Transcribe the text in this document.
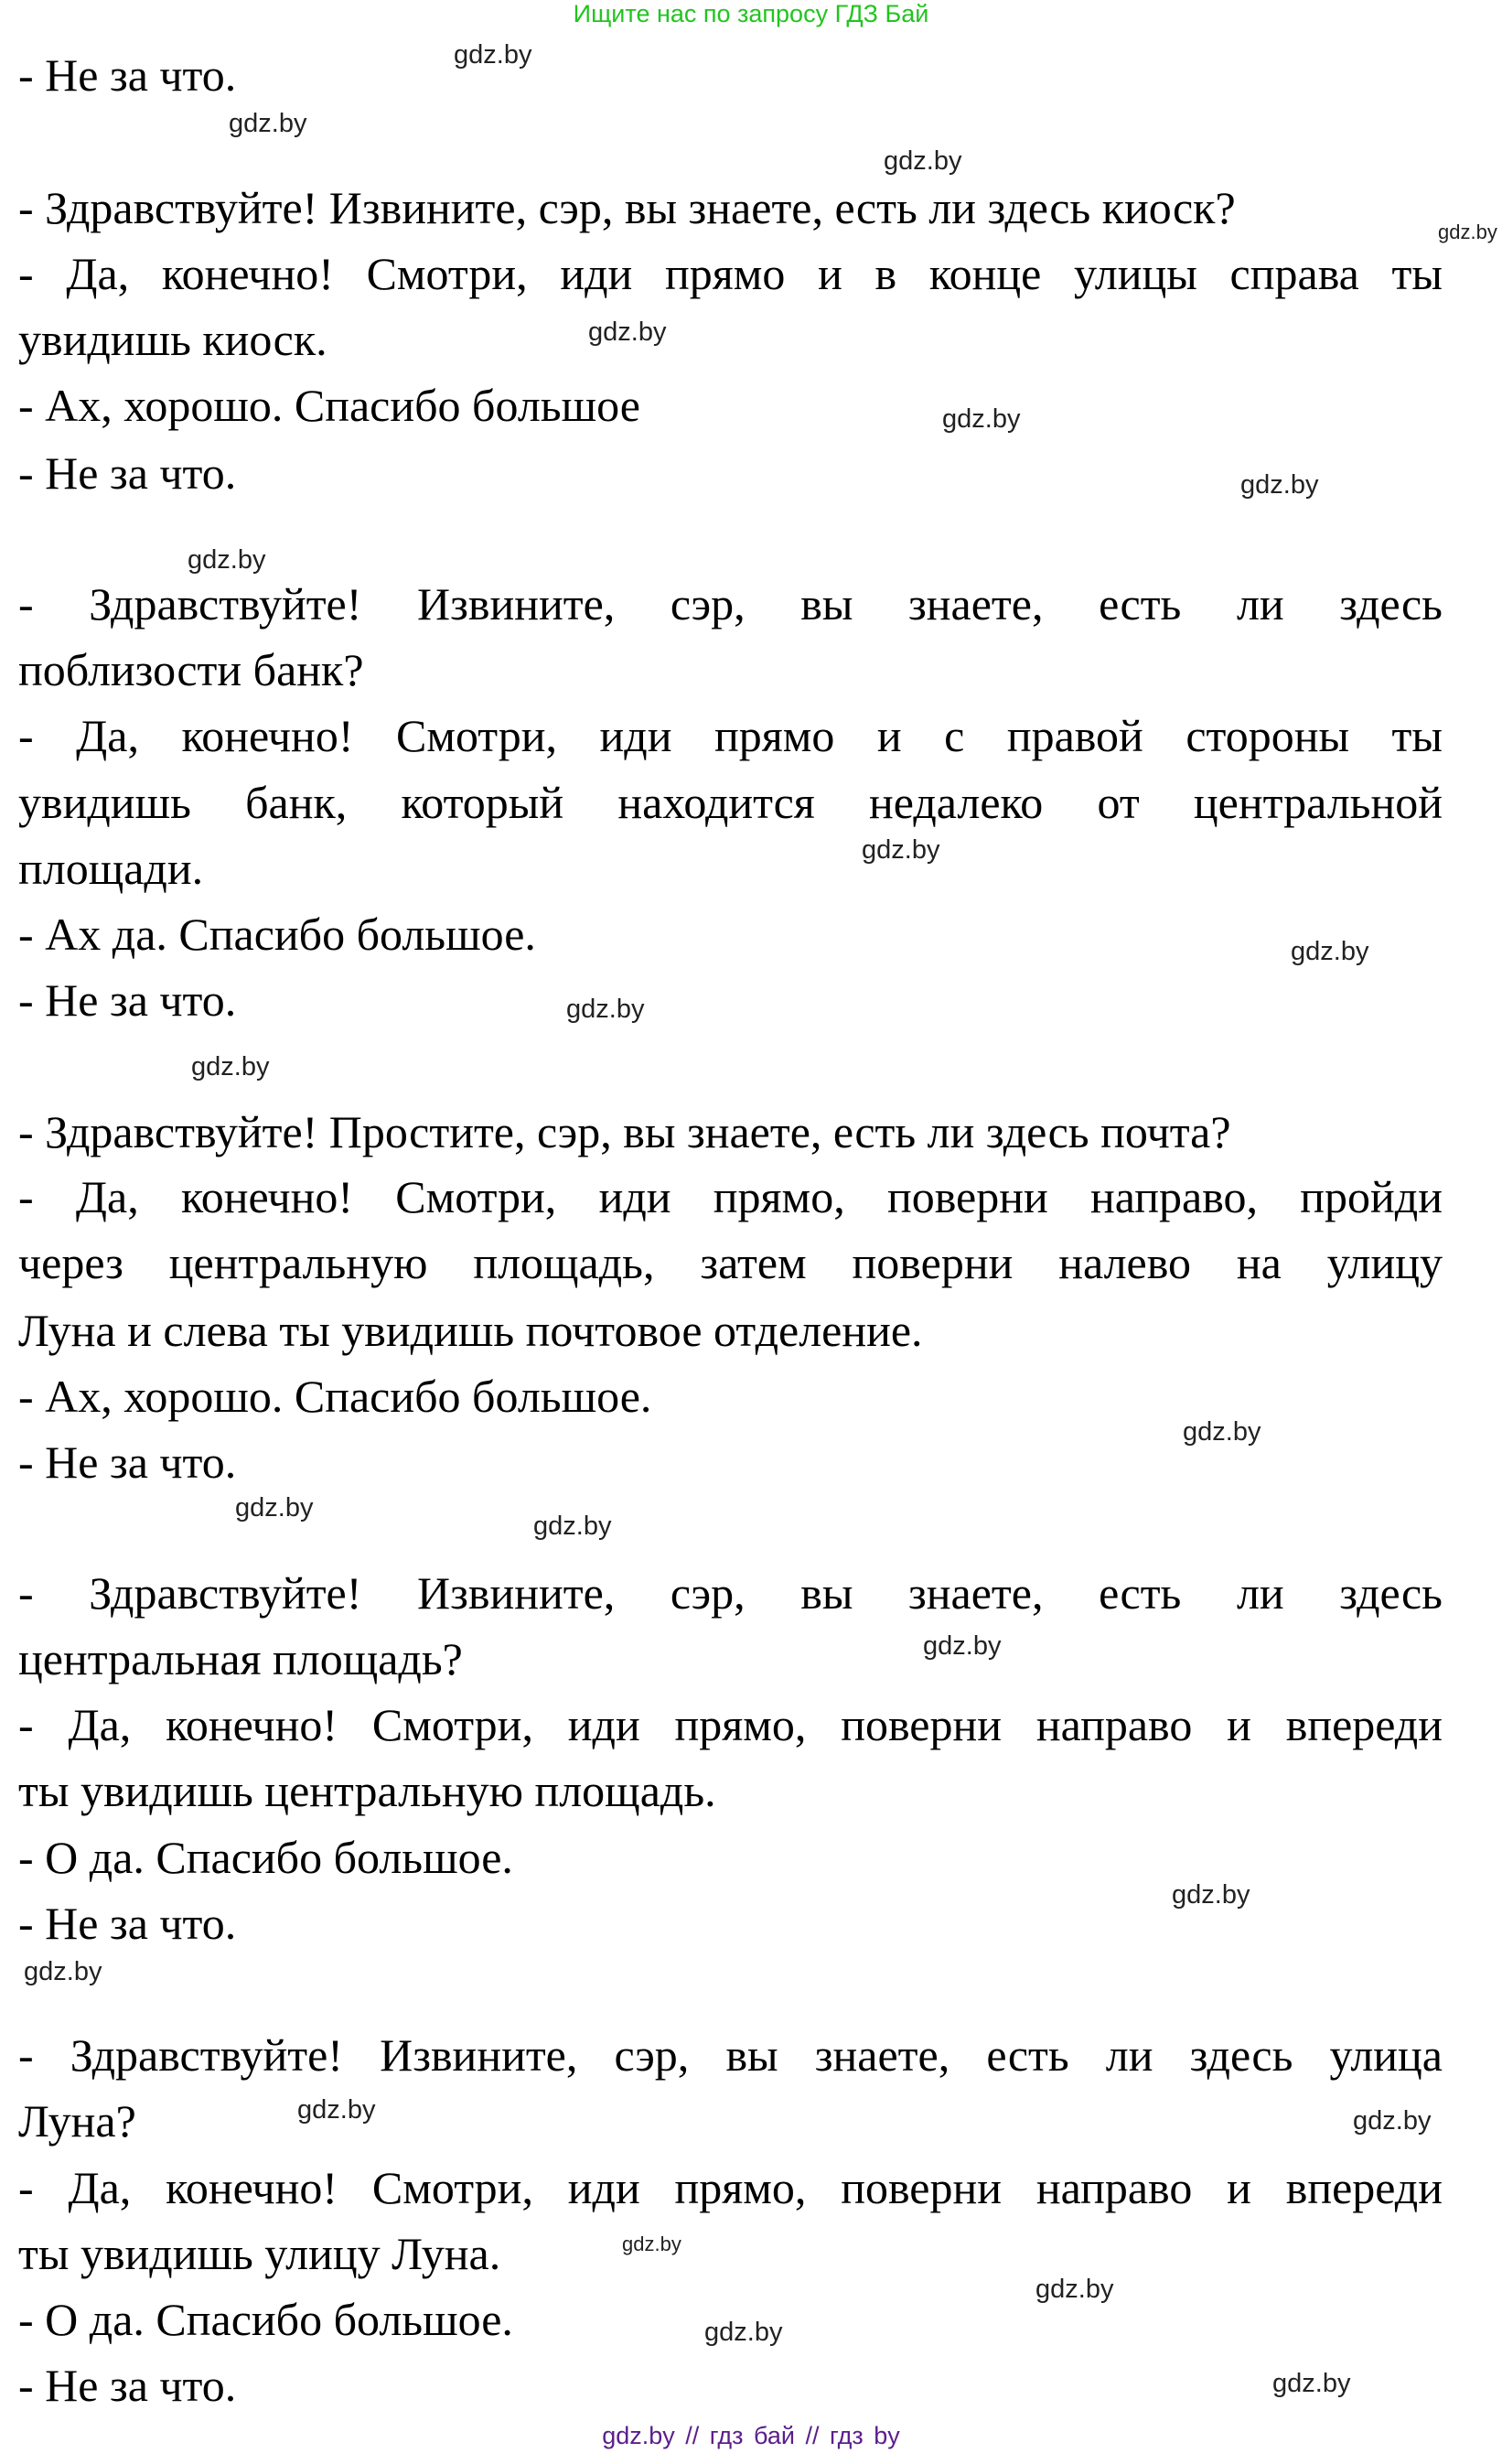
Ищите нас по запросу ГДЗ Бай
- Не за что.
- Здравствуйте! Извините, сэр, вы знаете, есть ли здесь киоск?
- Да, конечно! Смотри, иди прямо и в конце улицы справа ты
увидишь киоск.
- Ах, хорошо. Спасибо большое
- Не за что.
- Здравствуйте! Извините, сэр, вы знаете, есть ли здесь
поблизости банк?
- Да, конечно! Смотри, иди прямо и с правой стороны ты
увидишь банк, который находится недалеко от центральной
площади.
- Ах да. Спасибо большое.
- Не за что.
- Здравствуйте! Простите, сэр, вы знаете, есть ли здесь почта?
- Да, конечно! Смотри, иди прямо, поверни направо, пройди
через центральную площадь, затем поверни налево на улицу
Луна и слева ты увидишь почтовое отделение.
- Ах, хорошо. Спасибо большое.
- Не за что.
- Здравствуйте! Извините, сэр, вы знаете, есть ли здесь
центральная площадь?
- Да, конечно! Смотри, иди прямо, поверни направо и впереди
ты увидишь центральную площадь.
- О да. Спасибо большое.
- Не за что.
- Здравствуйте! Извините, сэр, вы знаете, есть ли здесь улица
Луна?
- Да, конечно! Смотри, иди прямо, поверни направо и впереди
ты увидишь улицу Луна.
- О да. Спасибо большое.
- Не за что.
gdz.by
gdz.by
gdz.by
gdz.by
gdz.by
gdz.by
gdz.by
gdz.by
gdz.by
gdz.by
gdz.by
gdz.by
gdz.by
gdz.by
gdz.by
gdz.by
gdz.by
gdz.by
gdz.by	gdz.by
gdz.by
gdz.by
gdz.by
gdz.by
gdz.by // гдз бай // гдз by
